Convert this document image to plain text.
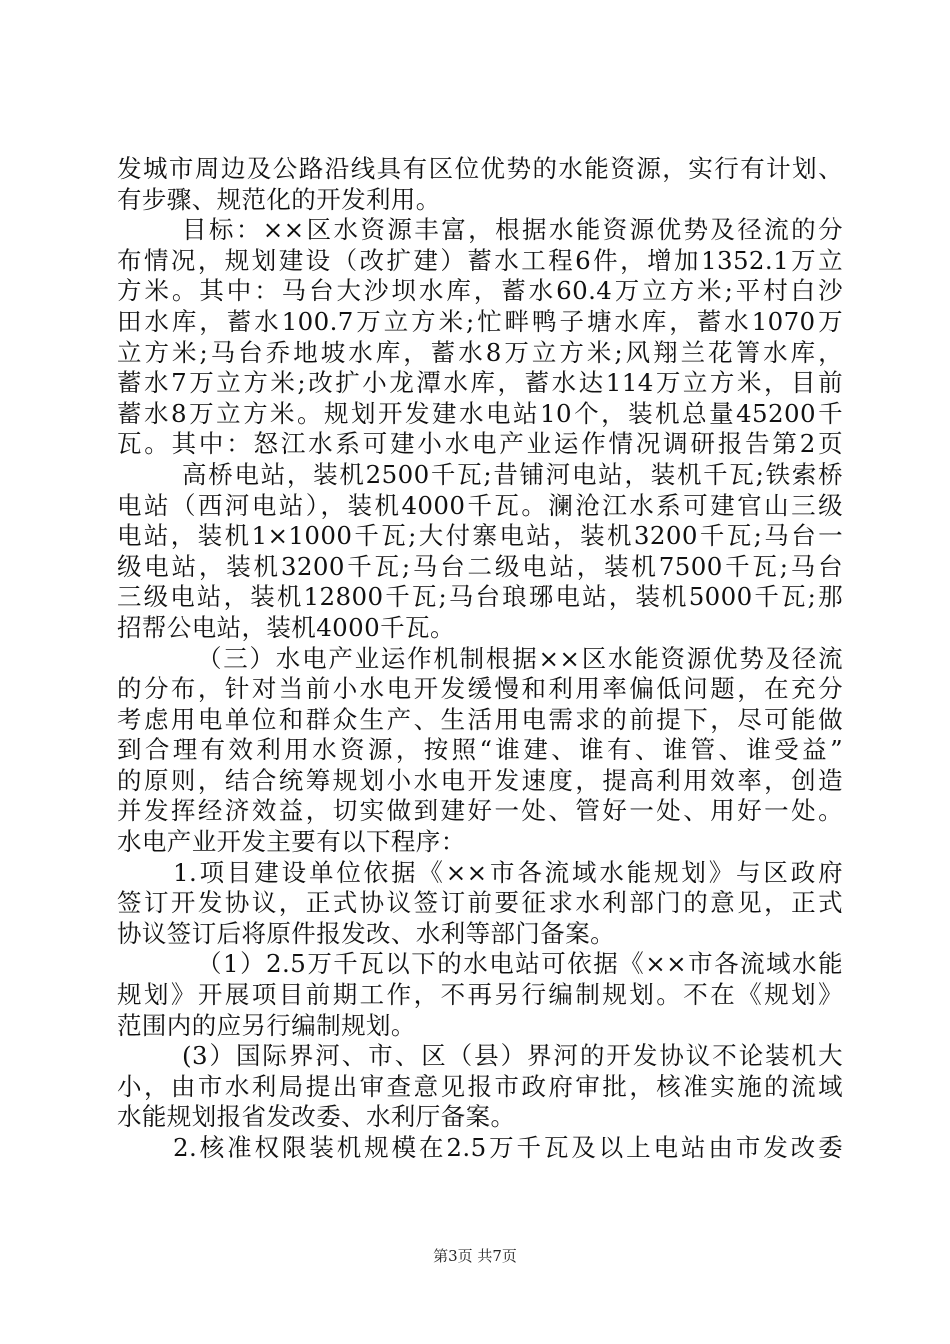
发城市周边及公路沿线具有区位优势的水能资源，实行有计划、
有步骤、规范化的开发利用。
目标：××区水资源丰富，根据水能资源优势及径流的分
布情况，规划建设（改扩建）蓄水工程6件，增加1352.1万立
方米。其中：马台大沙坝水库，蓄水60.4万立方米;平村白沙
田水库，蓄水100.7万立方米;忙畔鸭子塘水库，蓄水1070万
立方米;马台乔地坡水库，蓄水8万立方米;风翔兰花箐水库，
蓄水7万立方米;改扩小龙潭水库，蓄水达114万立方米，目前
蓄水8万立方米。规划开发建水电站10个，装机总量45200千
瓦。其中：怒江水系可建小水电产业运作情况调研报告第2页
高桥电站，装机2500千瓦;昔铺河电站，装机千瓦;铁索桥
电站（西河电站），装机4000千瓦。澜沧江水系可建官山三级
电站，装机1×1000千瓦;大付寨电站，装机3200千瓦;马台一
级电站，装机3200千瓦;马台二级电站，装机7500千瓦;马台
三级电站，装机12800千瓦;马台琅琊电站，装机5000千瓦;那
招帮公电站，装机4000千瓦。
（三）水电产业运作机制根据××区水能资源优势及径流
的分布，针对当前小水电开发缓慢和利用率偏低问题，在充分
考虑用电单位和群众生产、生活用电需求的前提下，尽可能做
到合理有效利用水资源，按照“谁建、谁有、谁管、谁受益”
的原则，结合统筹规划小水电开发速度，提高利用效率，创造
并发挥经济效益，切实做到建好一处、管好一处、用好一处。
水电产业开发主要有以下程序：
1.项目建设单位依据《××市各流域水能规划》与区政府
签订开发协议，正式协议签订前要征求水利部门的意见，正式
协议签订后将原件报发改、水利等部门备案。
（1）2.5万千瓦以下的水电站可依据《××市各流域水能
规划》开展项目前期工作，不再另行编制规划。不在《规划》
范围内的应另行编制规划。
(3）国际界河、市、区（县）界河的开发协议不论装机大
小，由市水利局提出审查意见报市政府审批，核准实施的流域
水能规划报省发改委、水利厅备案。
2.核准权限装机规模在2.5万千瓦及以上电站由市发改委
第3页 共7页
